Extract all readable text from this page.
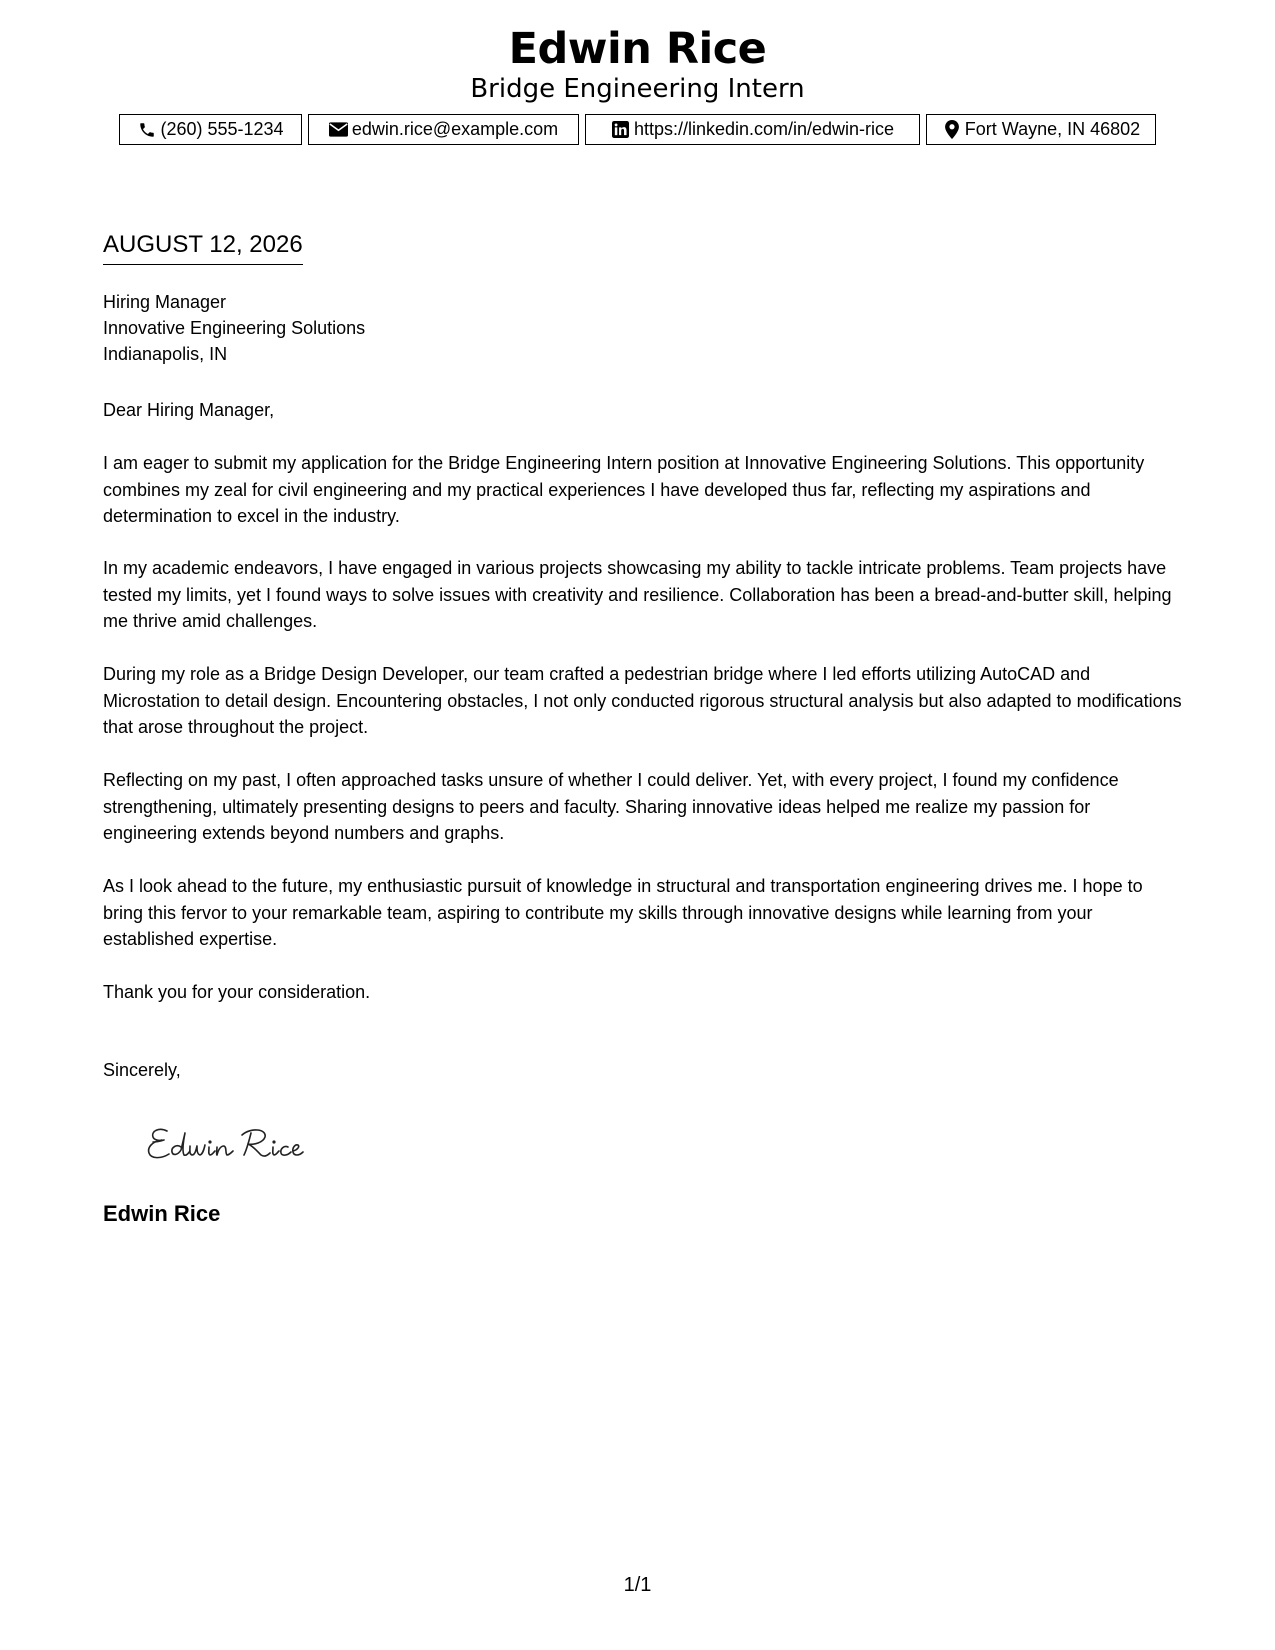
Edwin Rice
Bridge Engineering Intern
(260) 555-1234	edwin.rice@example.com	https://linkedin.com/in/edwin-rice	Fort Wayne, IN 46802
AUGUST 12, 2026
Hiring Manager
Innovative Engineering Solutions
Indianapolis, IN

Dear Hiring Manager,

I am eager to submit my application for the Bridge Engineering Intern position at Innovative Engineering Solutions. This opportunity combines my zeal for civil engineering and my practical experiences I have developed thus far, reflecting my aspirations and determination to excel in the industry.

In my academic endeavors, I have engaged in various projects showcasing my ability to tackle intricate problems. Team projects have tested my limits, yet I found ways to solve issues with creativity and resilience. Collaboration has been a bread-and-butter skill, helping me thrive amid challenges.

During my role as a Bridge Design Developer, our team crafted a pedestrian bridge where I led efforts utilizing AutoCAD and Microstation to detail design. Encountering obstacles, I not only conducted rigorous structural analysis but also adapted to modifications that arose throughout the project.

Reflecting on my past, I often approached tasks unsure of whether I could deliver. Yet, with every project, I found my confidence strengthening, ultimately presenting designs to peers and faculty. Sharing innovative ideas helped me realize my passion for engineering extends beyond numbers and graphs.

As I look ahead to the future, my enthusiastic pursuit of knowledge in structural and transportation engineering drives me. I hope to bring this fervor to your remarkable team, aspiring to contribute my skills through innovative designs while learning from your established expertise.

Thank you for your consideration.

Sincerely,

Edwin Rice
1/1
